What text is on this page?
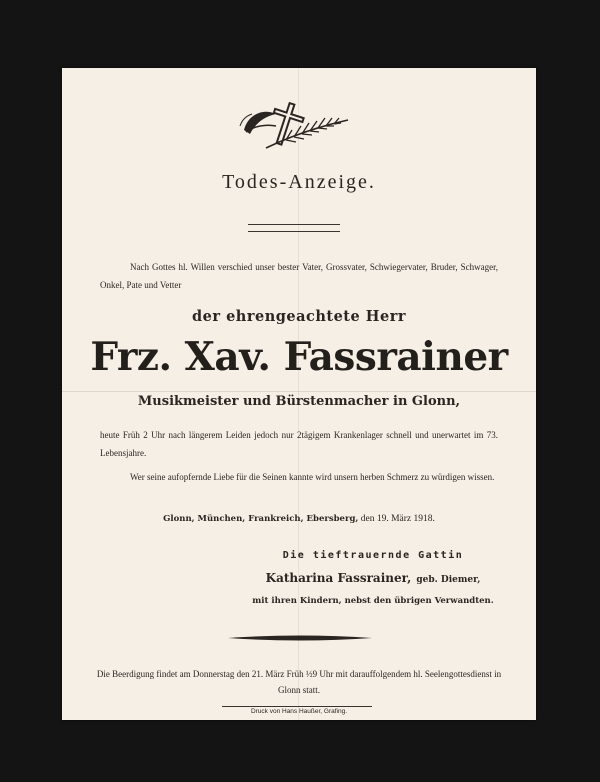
Todes-Anzeige.
Nach Gottes hl. Willen verschied unser bester Vater, Grossvater, Schwiegervater, Bruder, Schwager, Onkel, Pate und Vetter
der ehrengeachtete Herr
Frz. Xav. Fassrainer
Musikmeister und Bürstenmacher in Glonn,
heute Früh 2 Uhr nach längerem Leiden jedoch nur 2tägigem Krankenlager schnell und unerwartet im 73. Lebensjahre.
Wer seine aufopfernde Liebe für die Seinen kannte wird unsern herben Schmerz zu würdigen wissen.
Glonn, München, Frankreich, Ebersberg, den 19. März 1918.
Die tieftrauernde Gattin
Katharina Fassrainer, geb. Diemer,
mit ihren Kindern, nebst den übrigen Verwandten.
Die Beerdigung findet am Donnerstag den 21. März Früh ½9 Uhr mit darauffolgendem hl. Seelengottesdienst in Glonn statt.
Druck von Hans Haußer, Grafing.
